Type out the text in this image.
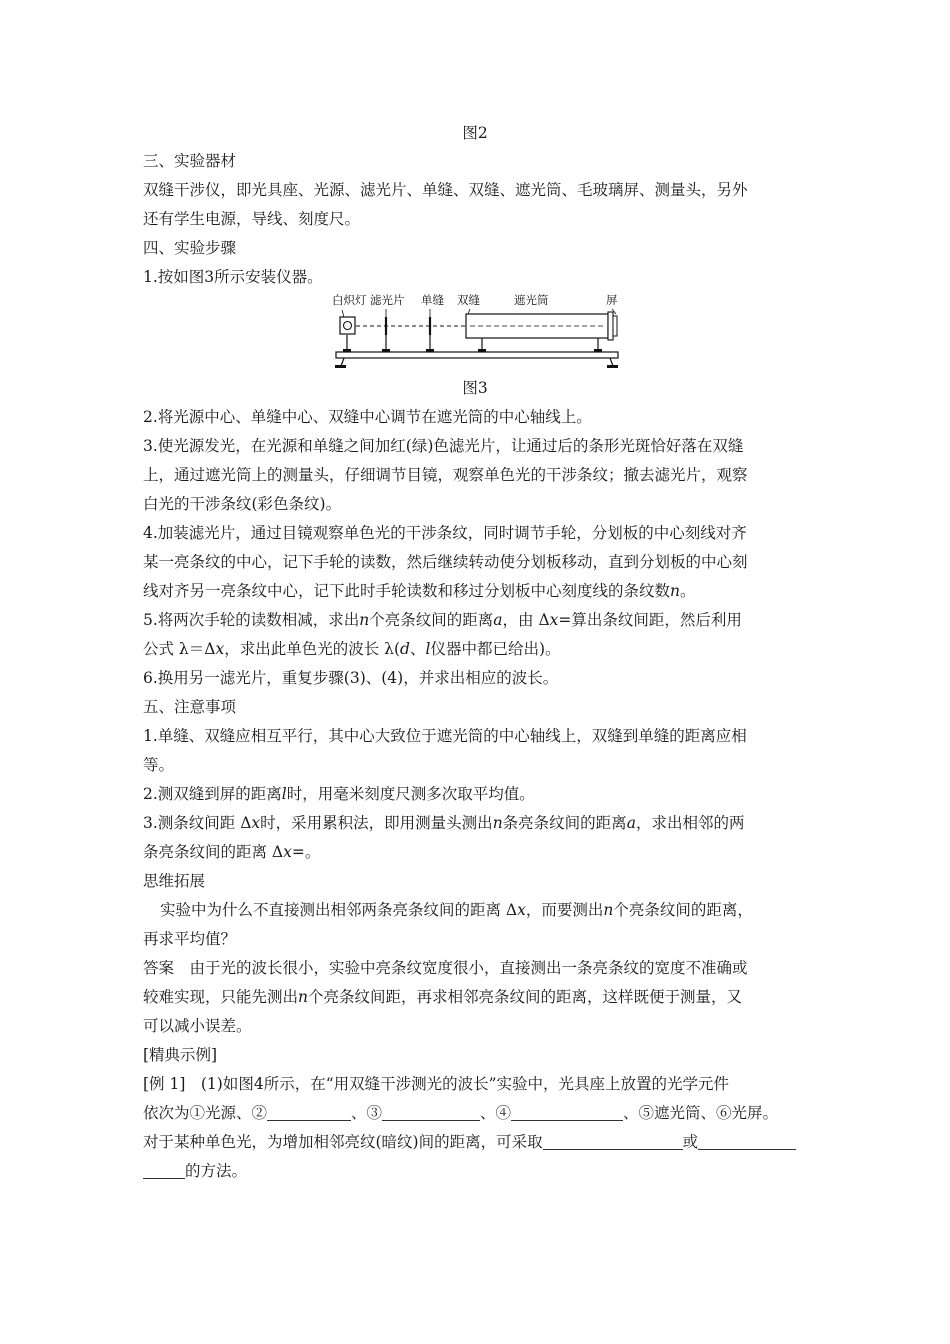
图2
三、实验器材
双缝干涉仪，即光具座、光源、滤光片、单缝、双缝、遮光筒、毛玻璃屏、测量头，另外
还有学生电源，导线、刻度尺。
四、实验步骤
1.按如图3所示安装仪器。
白炽灯 滤光片 单缝 双缝	遮光筒	屏
图3
2.将光源中心、单缝中心、双缝中心调节在遮光筒的中心轴线上。
3.使光源发光，在光源和单缝之间加红(绿)色滤光片，让通过后的条形光斑恰好落在双缝
上，通过遮光筒上的测量头，仔细调节目镜，观察单色光的干涉条纹；撤去滤光片，观察
白光的干涉条纹(彩色条纹)。
4.加装滤光片，通过目镜观察单色光的干涉条纹，同时调节手轮，分划板的中心刻线对齐
某一亮条纹的中心，记下手轮的读数，然后继续转动使分划板移动，直到分划板的中心刻
线对齐另一亮条纹中心，记下此时手轮读数和移过分划板中心刻度线的条纹数n。
5.将两次手轮的读数相减，求出n个亮条纹间的距离a，由 Δx=算出条纹间距，然后利用
公式 λ＝Δx，求出此单色光的波长 λ(d、l仪器中都已给出)。
6.换用另一滤光片，重复步骤(3)、(4)，并求出相应的波长。
五、注意事项
1.单缝、双缝应相互平行，其中心大致位于遮光筒的中心轴线上，双缝到单缝的距离应相
等。
2.测双缝到屏的距离l时，用毫米刻度尺测多次取平均值。
3.测条纹间距 Δx时，采用累积法，即用测量头测出n条亮条纹间的距离a，求出相邻的两
条亮条纹间的距离 Δx=。
思维拓展
实验中为什么不直接测出相邻两条亮条纹间的距离 Δx，而要测出n个亮条纹间的距离，
再求平均值？
答案　由于光的波长很小，实验中亮条纹宽度很小，直接测出一条亮条纹的宽度不准确或
较难实现，只能先测出n个亮条纹间距，再求相邻亮条纹间的距离，这样既便于测量，又
可以减小误差。
[精典示例]
[例 1]　(1)如图4所示，在“用双缝干涉测光的波长”实验中，光具座上放置的光学元件
依次为①光源、②	、③	、④	、⑤遮光筒、⑥光屏。
对于某种单色光，为增加相邻亮纹(暗纹)间的距离，可采取	或
的方法。
